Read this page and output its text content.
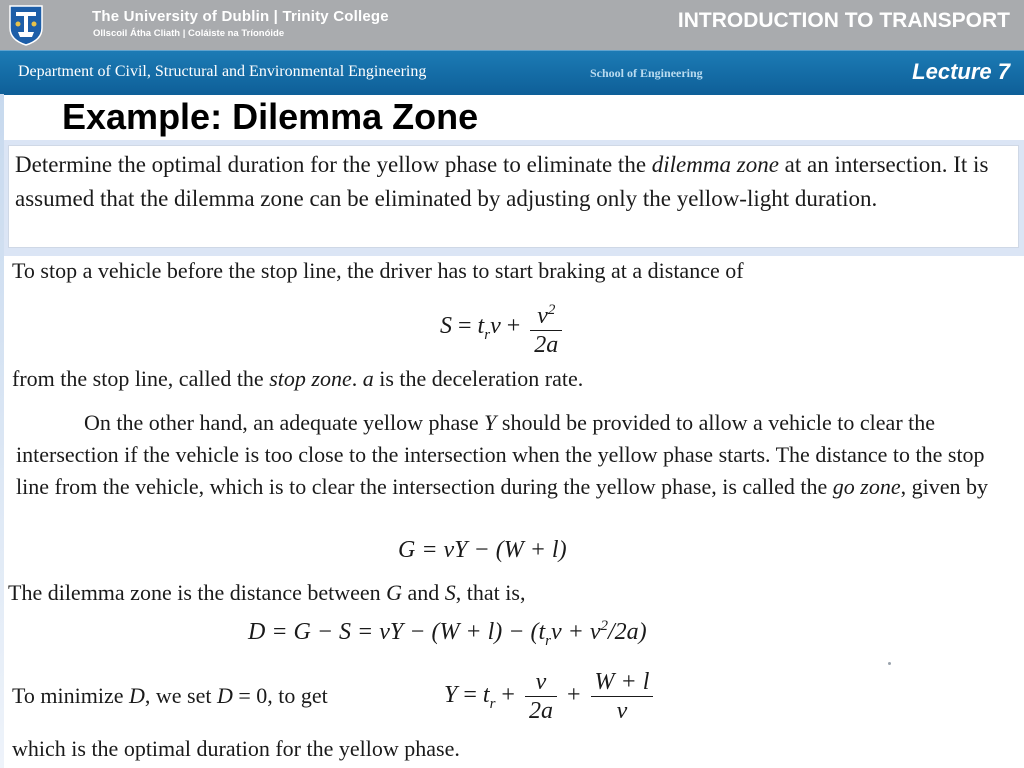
The University of Dublin | Trinity College
Ollscoil Átha Cliath | Coláiste na Tríonóide
INTRODUCTION TO TRANSPORT
Department of Civil, Structural and Environmental Engineering	School of Engineering	Lecture 7
Example: Dilemma Zone
Determine the optimal duration for the yellow phase to eliminate the dilemma zone at an intersection. It is assumed that the dilemma zone can be eliminated by adjusting only the yellow-light duration.
To stop a vehicle before the stop line, the driver has to start braking at a distance of
$S = t_rv + \frac{v^2}{2a}$
from the stop line, called the stop zone. a is the deceleration rate.
On the other hand, an adequate yellow phase Y should be provided to allow a vehicle to clear the intersection if the vehicle is too close to the intersection when the yellow phase starts. The distance to the stop line from the vehicle, which is to clear the intersection during the yellow phase, is called the go zone, given by
G = vY − (W + l)
The dilemma zone is the distance between G and S, that is,
D = G − S = vY − $(W + l) - (t_rv + v^2/2a)$
To minimize D, we set D = 0, to get	$Y = t_r + \frac{v}{2a} + \frac{W + l}{v}$
which is the optimal duration for the yellow phase.
